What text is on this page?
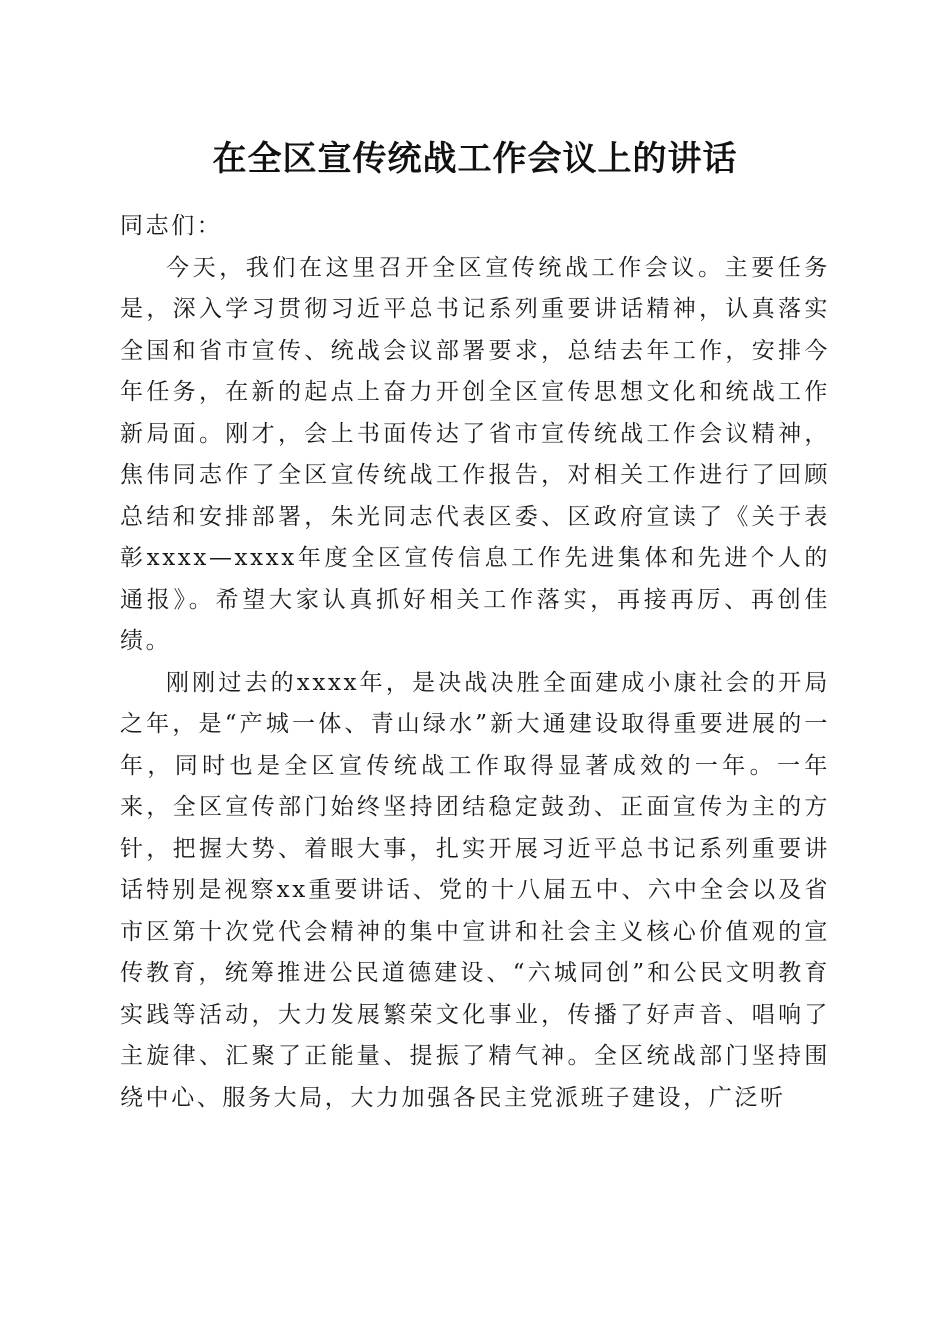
在全区宣传统战工作会议上的讲话

同志们：

今天，我们在这里召开全区宣传统战工作会议。主要任务是，深入学习贯彻习近平总书记系列重要讲话精神，认真落实全国和省市宣传、统战会议部署要求，总结去年工作，安排今年任务，在新的起点上奋力开创全区宣传思想文化和统战工作新局面。刚才，会上书面传达了省市宣传统战工作会议精神，焦伟同志作了全区宣传统战工作报告，对相关工作进行了回顾总结和安排部署，朱光同志代表区委、区政府宣读了《关于表彰xxxx—xxxx年度全区宣传信息工作先进集体和先进个人的通报》。希望大家认真抓好相关工作落实，再接再厉、再创佳绩。

刚刚过去的xxxx年，是决战决胜全面建成小康社会的开局之年，是“产城一体、青山绿水”新大通建设取得重要进展的一年，同时也是全区宣传统战工作取得显著成效的一年。一年来，全区宣传部门始终坚持团结稳定鼓劲、正面宣传为主的方针，把握大势、着眼大事，扎实开展习近平总书记系列重要讲话特别是视察xx重要讲话、党的十八届五中、六中全会以及省市区第十次党代会精神的集中宣讲和社会主义核心价值观的宣传教育，统筹推进公民道德建设、“六城同创”和公民文明教育实践等活动，大力发展繁荣文化事业，传播了好声音、唱响了主旋律、汇聚了正能量、提振了精气神。全区统战部门坚持围绕中心、服务大局，大力加强各民主党派班子建设，广泛听
